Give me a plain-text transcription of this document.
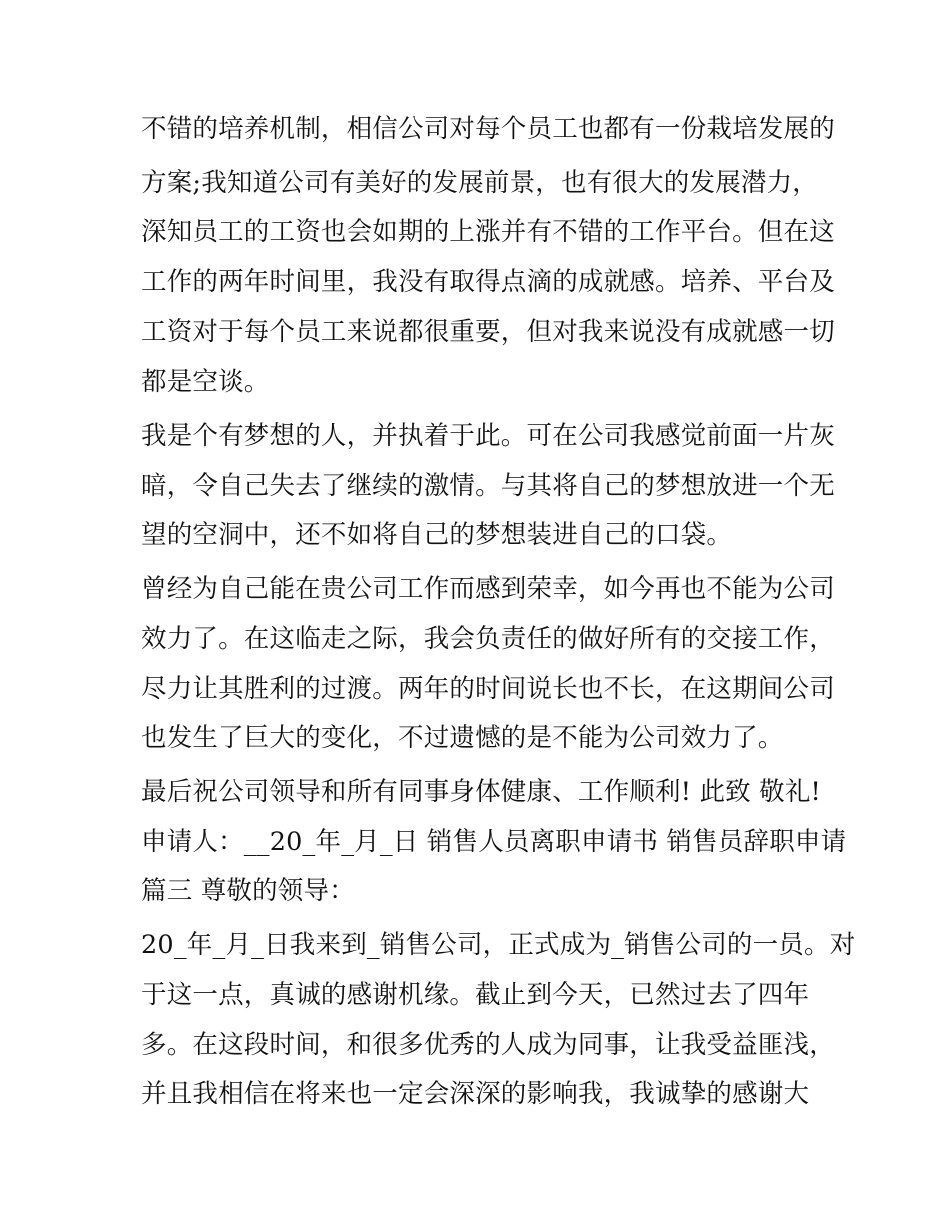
不错的培养机制，相信公司对每个员工也都有一份栽培发展的
方案;我知道公司有美好的发展前景，也有很大的发展潜力，
深知员工的工资也会如期的上涨并有不错的工作平台。但在这
工作的两年时间里，我没有取得点滴的成就感。培养、平台及
工资对于每个员工来说都很重要，但对我来说没有成就感一切
都是空谈。
我是个有梦想的人，并执着于此。可在公司我感觉前面一片灰
暗，令自己失去了继续的激情。与其将自己的梦想放进一个无
望的空洞中，还不如将自己的梦想装进自己的口袋。
曾经为自己能在贵公司工作而感到荣幸，如今再也不能为公司
效力了。在这临走之际，我会负责任的做好所有的交接工作，
尽力让其胜利的过渡。两年的时间说长也不长，在这期间公司
也发生了巨大的变化，不过遗憾的是不能为公司效力了。
最后祝公司领导和所有同事身体健康、工作顺利! 此致 敬礼!
申请人：__20_年_月_日 销售人员离职申请书 销售员辞职申请
篇三 尊敬的领导：
20_年_月_日我来到_销售公司，正式成为_销售公司的一员。对
于这一点，真诚的感谢机缘。截止到今天，已然过去了四年
多。在这段时间，和很多优秀的人成为同事，让我受益匪浅，
并且我相信在将来也一定会深深的影响我，我诚挚的感谢大
